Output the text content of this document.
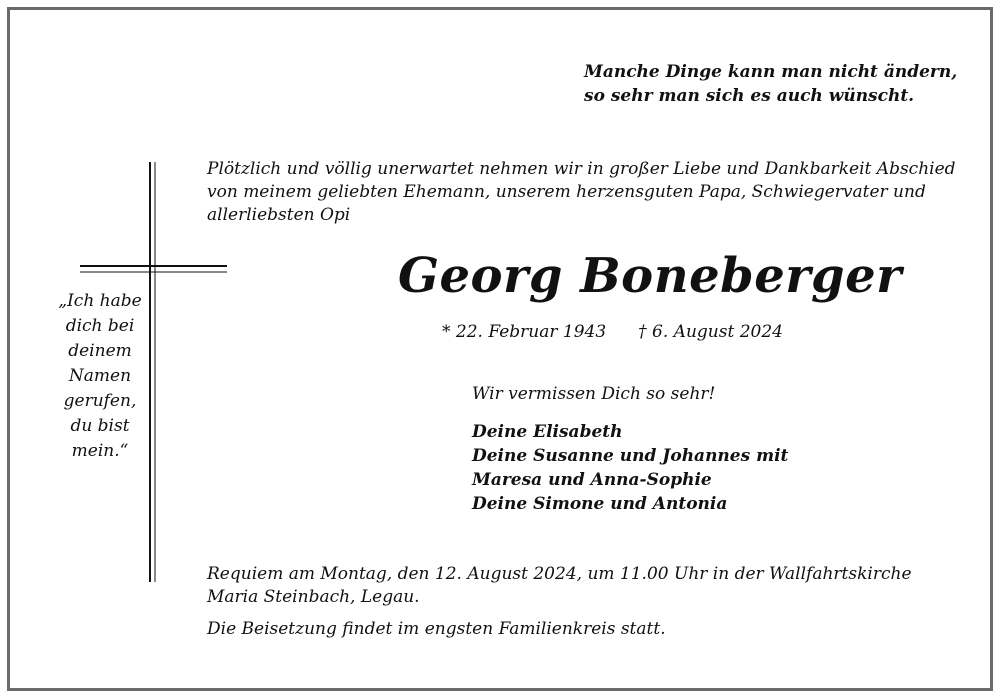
Manche Dinge kann man nicht ändern,
so sehr man sich es auch wünscht.
Plötzlich und völlig unerwartet nehmen wir in großer Liebe und Dankbarkeit Abschied
von meinem geliebten Ehemann, unserem herzensguten Papa, Schwiegervater und
allerliebsten Opi
„Ich habe
dich bei
deinem
Namen
gerufen,
du bist
mein.“
Georg Boneberger
* 22. Februar 1943 † 6. August 2024
Wir vermissen Dich so sehr!
Deine Elisabeth
Deine Susanne und Johannes mit
Maresa und Anna-Sophie
Deine Simone und Antonia
Requiem am Montag, den 12. August 2024, um 11.00 Uhr in der Wallfahrtskirche
Maria Steinbach, Legau.
Die Beisetzung findet im engsten Familienkreis statt.
